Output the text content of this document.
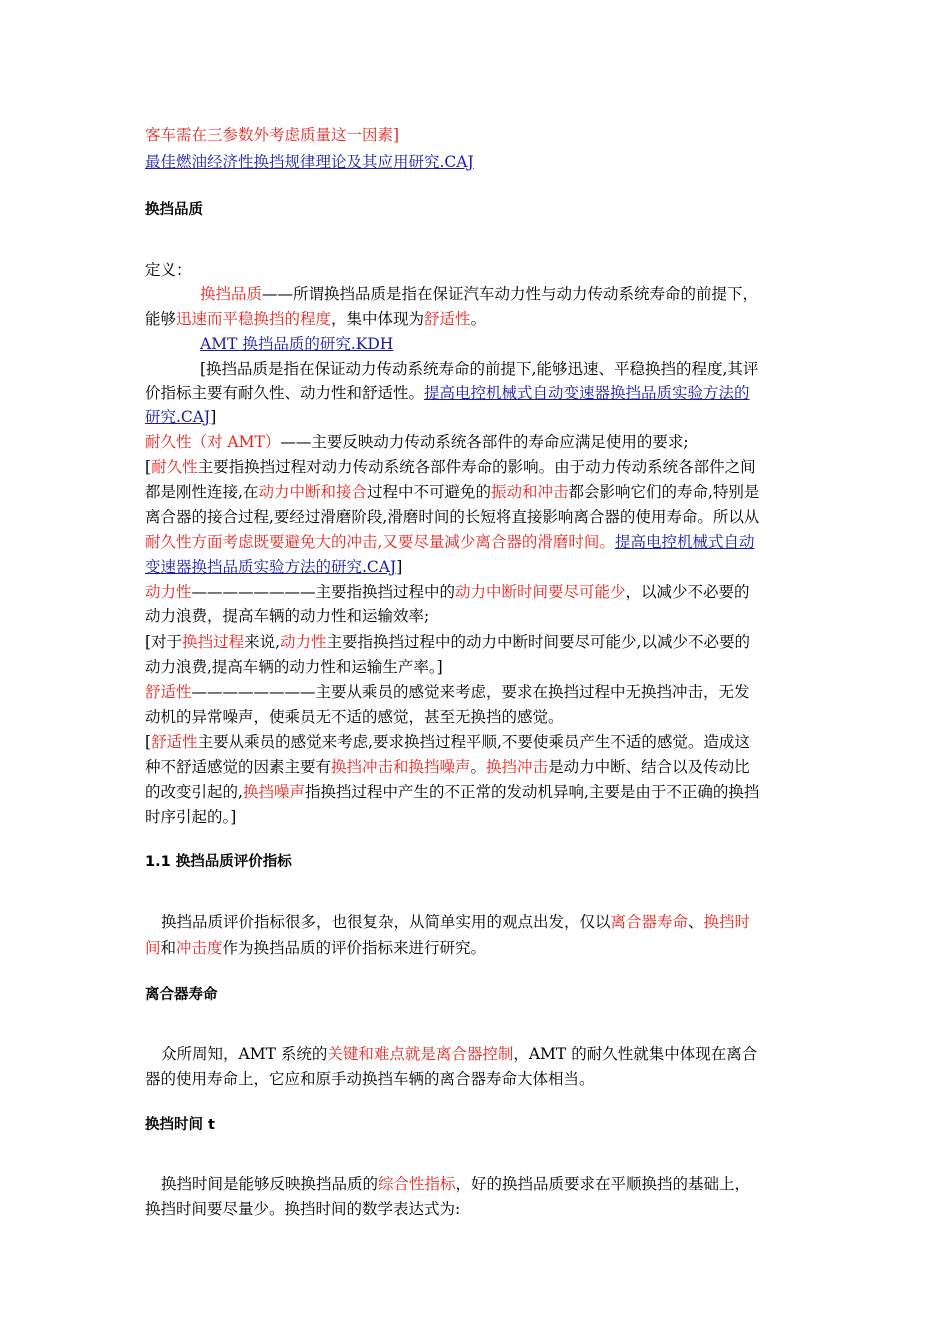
客车需在三参数外考虑质量这一因素]
最佳燃油经济性换挡规律理论及其应用研究.CAJ
换挡品质
定义：
换挡品质——所谓换挡品质是指在保证汽车动力性与动力传动系统寿命的前提下，
能够迅速而平稳换挡的程度，集中体现为舒适性。
AMT 换挡品质的研究.KDH
[换挡品质是指在保证动力传动系统寿命的前提下,能够迅速、平稳换挡的程度,其评
价指标主要有耐久性、动力性和舒适性。提高电控机械式自动变速器换挡品质实验方法的
研究.CAJ]
耐久性（对 AMT）——主要反映动力传动系统各部件的寿命应满足使用的要求;
[耐久性主要指换挡过程对动力传动系统各部件寿命的影响。由于动力传动系统各部件之间
都是刚性连接,在动力中断和接合过程中不可避免的振动和冲击都会影响它们的寿命,特别是
离合器的接合过程,要经过滑磨阶段,滑磨时间的长短将直接影响离合器的使用寿命。所以从
耐久性方面考虑既要避免大的冲击,又要尽量减少离合器的滑磨时间。提高电控机械式自动
变速器换挡品质实验方法的研究.CAJ]
动力性————————主要指换挡过程中的动力中断时间要尽可能少，以减少不必要的
动力浪费，提高车辆的动力性和运输效率;
[对于换挡过程来说,动力性主要指换挡过程中的动力中断时间要尽可能少,以减少不必要的
动力浪费,提高车辆的动力性和运输生产率。]
舒适性————————主要从乘员的感觉来考虑，要求在换挡过程中无换挡冲击，无发
动机的异常噪声，使乘员无不适的感觉，甚至无换挡的感觉。
[舒适性主要从乘员的感觉来考虑,要求换挡过程平顺,不要使乘员产生不适的感觉。造成这
种不舒适感觉的因素主要有换挡冲击和换挡噪声。换挡冲击是动力中断、结合以及传动比
的改变引起的,换挡噪声指换挡过程中产生的不正常的发动机异响,主要是由于不正确的换挡
时序引起的。]
1.1 换挡品质评价指标
换挡品质评价指标很多，也很复杂，从简单实用的观点出发，仅以离合器寿命、换挡时
间和冲击度作为换挡品质的评价指标来进行研究。
离合器寿命
众所周知，AMT 系统的关键和难点就是离合器控制，AMT 的耐久性就集中体现在离合
器的使用寿命上，它应和原手动换挡车辆的离合器寿命大体相当。
换挡时间 t
换挡时间是能够反映换挡品质的综合性指标，好的换挡品质要求在平顺换挡的基础上，
换挡时间要尽量少。换挡时间的数学表达式为:
